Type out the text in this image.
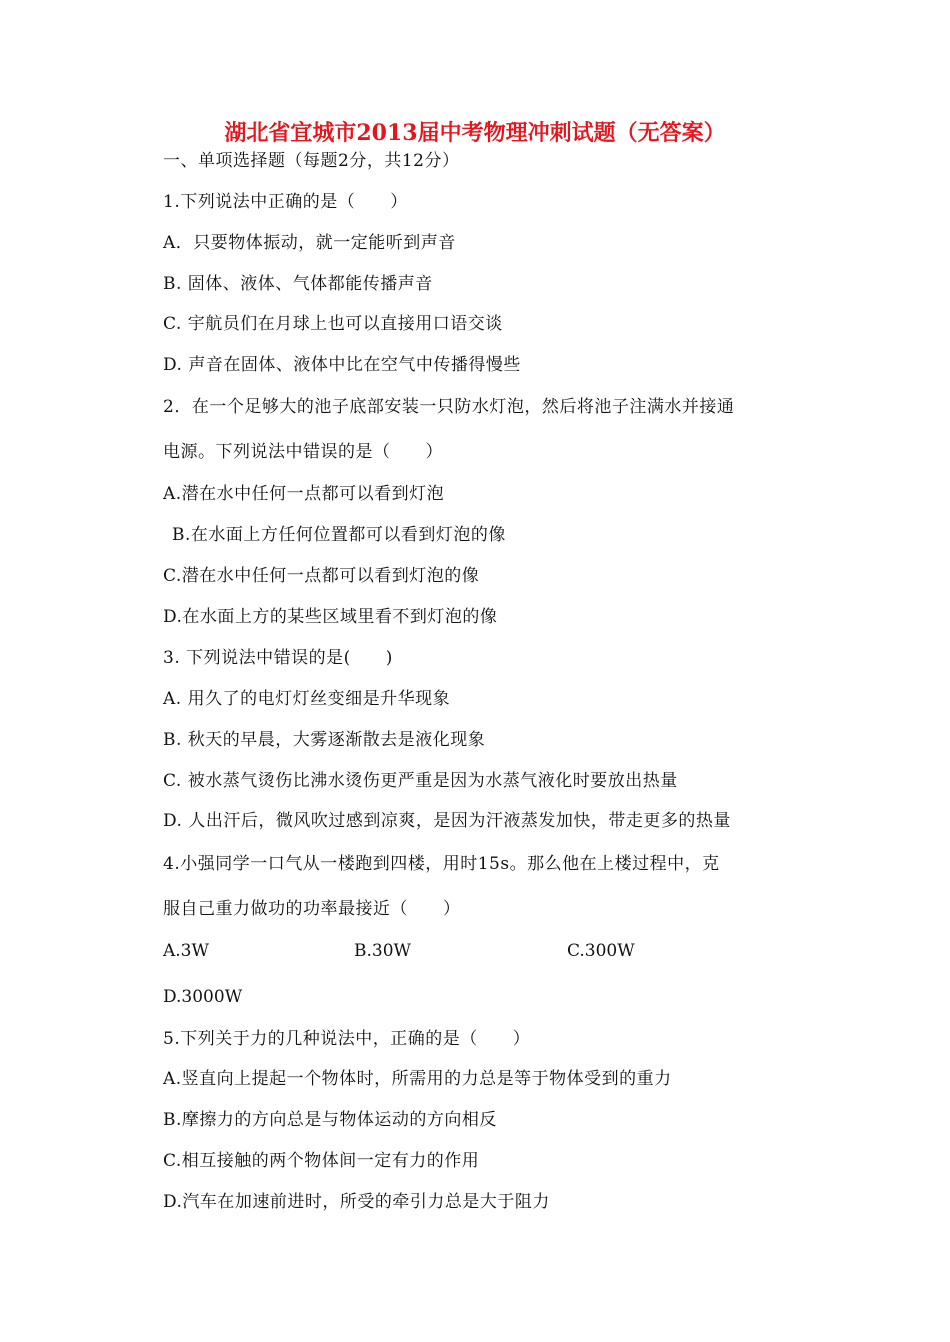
湖北省宜城市2013届中考物理冲刺试题（无答案）
一、单项选择题（每题2分，共12分）
1.下列说法中正确的是（　　）
A．只要物体振动，就一定能听到声音
B. 固体、液体、气体都能传播声音
C. 宇航员们在月球上也可以直接用口语交谈
D. 声音在固体、液体中比在空气中传播得慢些
2．在一个足够大的池子底部安装一只防水灯泡，然后将池子注满水并接通
电源。下列说法中错误的是（　　）
A.潜在水中任何一点都可以看到灯泡
B.在水面上方任何位置都可以看到灯泡的像
C.潜在水中任何一点都可以看到灯泡的像
D.在水面上方的某些区域里看不到灯泡的像
3. 下列说法中错误的是(　　)
A. 用久了的电灯灯丝变细是升华现象
B. 秋天的早晨，大雾逐渐散去是液化现象
C. 被水蒸气烫伤比沸水烫伤更严重是因为水蒸气液化时要放出热量
D. 人出汗后，微风吹过感到凉爽，是因为汗液蒸发加快，带走更多的热量
4.小强同学一口气从一楼跑到四楼，用时15s。那么他在上楼过程中，克
服自己重力做功的功率最接近（　　）
A.3W	B.30W	C.300W
D.3000W
5.下列关于力的几种说法中，正确的是（　　）
A.竖直向上提起一个物体时，所需用的力总是等于物体受到的重力
B.摩擦力的方向总是与物体运动的方向相反
C.相互接触的两个物体间一定有力的作用
D.汽车在加速前进时，所受的牵引力总是大于阻力
